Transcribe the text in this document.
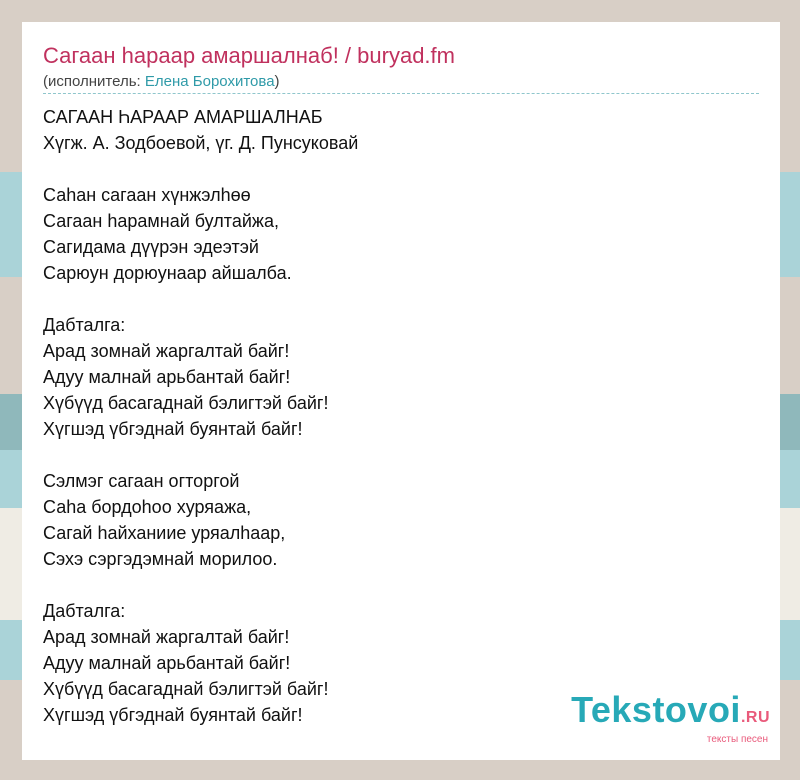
Сагаан һараар амаршалнаб! / buryad.fm
(исполнитель: Елена Борохитова)
САГААН ҺАРААР АМАРШАЛНАБ
Хүгж. А. Зодбоевой, үг. Д. Пунсуковай
Саһан сагаан хүнжэлһөө
Сагаан һарамнай бултайжа,
Сагидама дүүрэн эдеэтэй
Сарюун дорюунаар айшалба.
Дабталга:
Арад зомнай жаргалтай байг!
Адуу малнай арьбантай байг!
Хүбүүд басагаднай бэлигтэй байг!
Хүгшэд үбгэднай буянтай байг!
Сэлмэг сагаан огторгой
Саһа бордоһоо хуряажа,
Сагай һайханиие уряалһаар,
Сэхэ сэргэдэмнай морилоо.
Дабталга:
Арад зомнай жаргалтай байг!
Адуу малнай арьбантай байг!
Хүбүүд басагаднай бэлигтэй байг!
Хүгшэд үбгэднай буянтай байг!	Tekstovoi.RU
тексты песен
